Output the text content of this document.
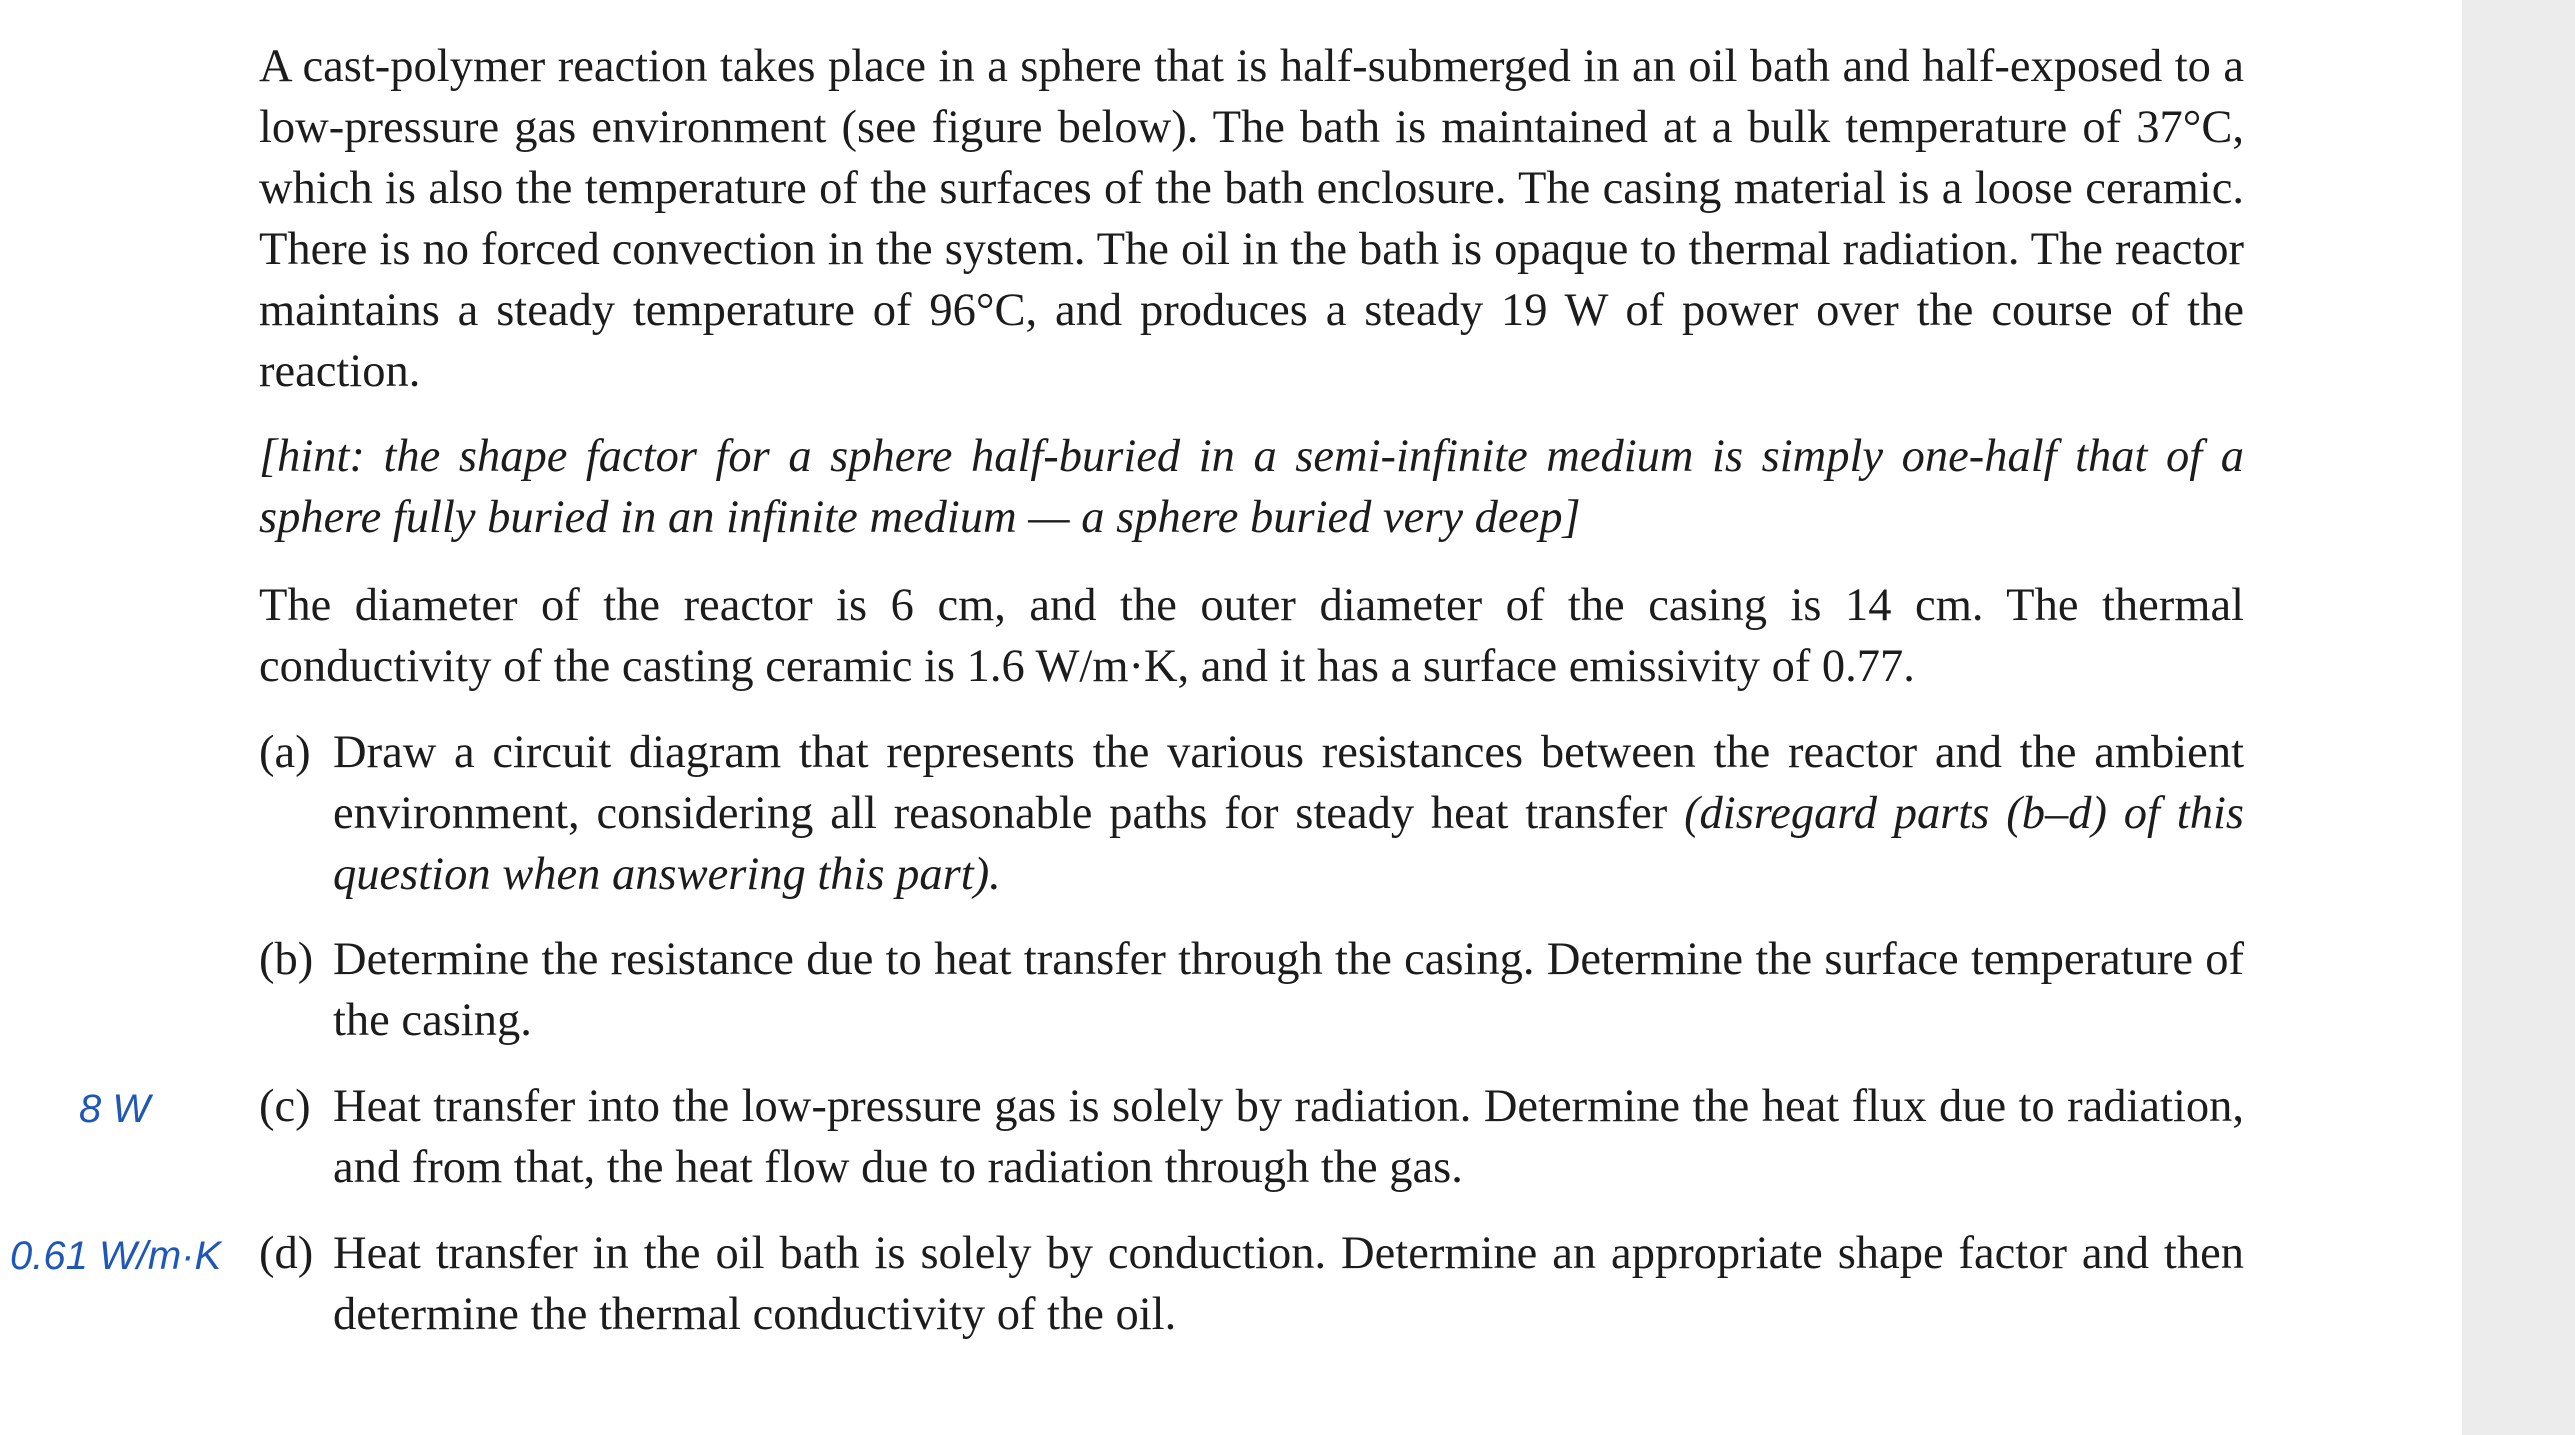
A cast-polymer reaction takes place in a sphere that is half-submerged in an oil bath and half-exposed to a low-pressure gas environment (see figure below). The bath is maintained at a bulk temperature of 37°C, which is also the temperature of the surfaces of the bath enclosure. The casing material is a loose ceramic. There is no forced convection in the system. The oil in the bath is opaque to thermal radiation. The reactor maintains a steady temperature of 96°C, and produces a steady 19 W of power over the course of the reaction.

[hint: the shape factor for a sphere half-buried in a semi-infinite medium is simply one-half that of a sphere fully buried in an infinite medium — a sphere buried very deep]

The diameter of the reactor is 6 cm, and the outer diameter of the casing is 14 cm. The thermal conductivity of the casting ceramic is 1.6 W/m·K, and it has a surface emissivity of 0.77.

(a) Draw a circuit diagram that represents the various resistances between the reactor and the ambient environment, considering all reasonable paths for steady heat transfer (disregard parts (b–d) of this question when answering this part).
(b) Determine the resistance due to heat transfer through the casing. Determine the surface temperature of the casing.
(c) Heat transfer into the low-pressure gas is solely by radiation. Determine the heat flux due to radiation, and from that, the heat flow due to radiation through the gas.
(d) Heat transfer in the oil bath is solely by conduction. Determine an appropriate shape factor and then determine the thermal conductivity of the oil.
8 W
0.61 W/m·K
